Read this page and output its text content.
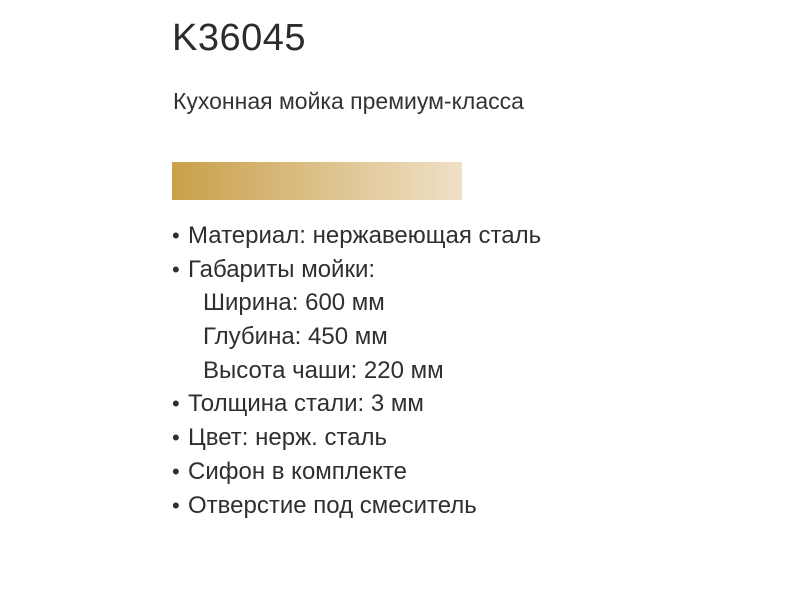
K36045
Кухонная мойка премиум-класса
• Материал: нержавеющая сталь
• Габариты мойки:
Ширина: 600 мм
Глубина: 450 мм
Высота чаши: 220 мм
• Толщина стали: 3 мм
• Цвет: нерж. сталь
• Сифон в комплекте
• Отверстие под смеситель
